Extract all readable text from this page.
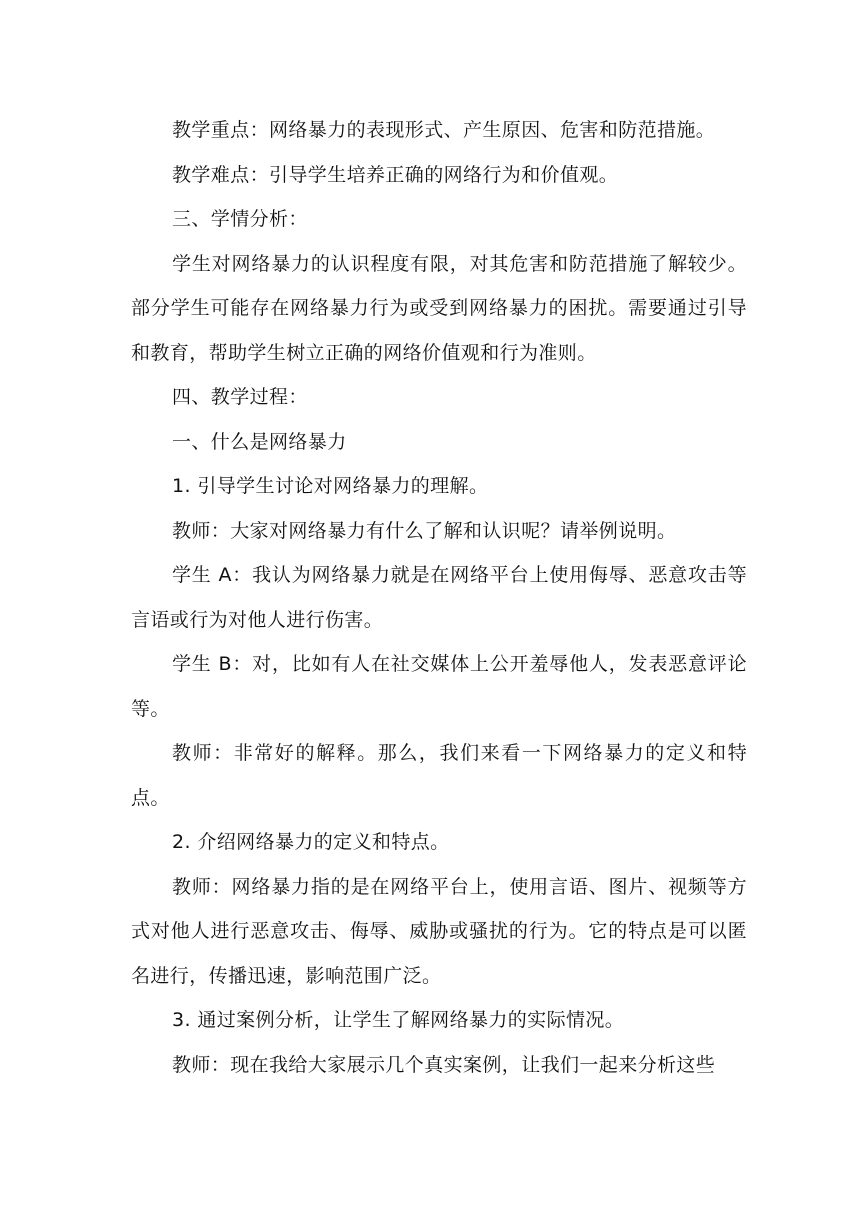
教学重点：网络暴力的表现形式、产生原因、危害和防范措施。

教学难点：引导学生培养正确的网络行为和价值观。

三、学情分析：

学生对网络暴力的认识程度有限，对其危害和防范措施了解较少。部分学生可能存在网络暴力行为或受到网络暴力的困扰。需要通过引导和教育，帮助学生树立正确的网络价值观和行为准则。

四、教学过程：

一、什么是网络暴力

1. 引导学生讨论对网络暴力的理解。

教师：大家对网络暴力有什么了解和认识呢？请举例说明。

学生 A：我认为网络暴力就是在网络平台上使用侮辱、恶意攻击等言语或行为对他人进行伤害。

学生 B：对，比如有人在社交媒体上公开羞辱他人，发表恶意评论等。

教师：非常好的解释。那么，我们来看一下网络暴力的定义和特点。

2. 介绍网络暴力的定义和特点。

教师：网络暴力指的是在网络平台上，使用言语、图片、视频等方式对他人进行恶意攻击、侮辱、威胁或骚扰的行为。它的特点是可以匿名进行，传播迅速，影响范围广泛。

3. 通过案例分析，让学生了解网络暴力的实际情况。

教师：现在我给大家展示几个真实案例，让我们一起来分析这些
